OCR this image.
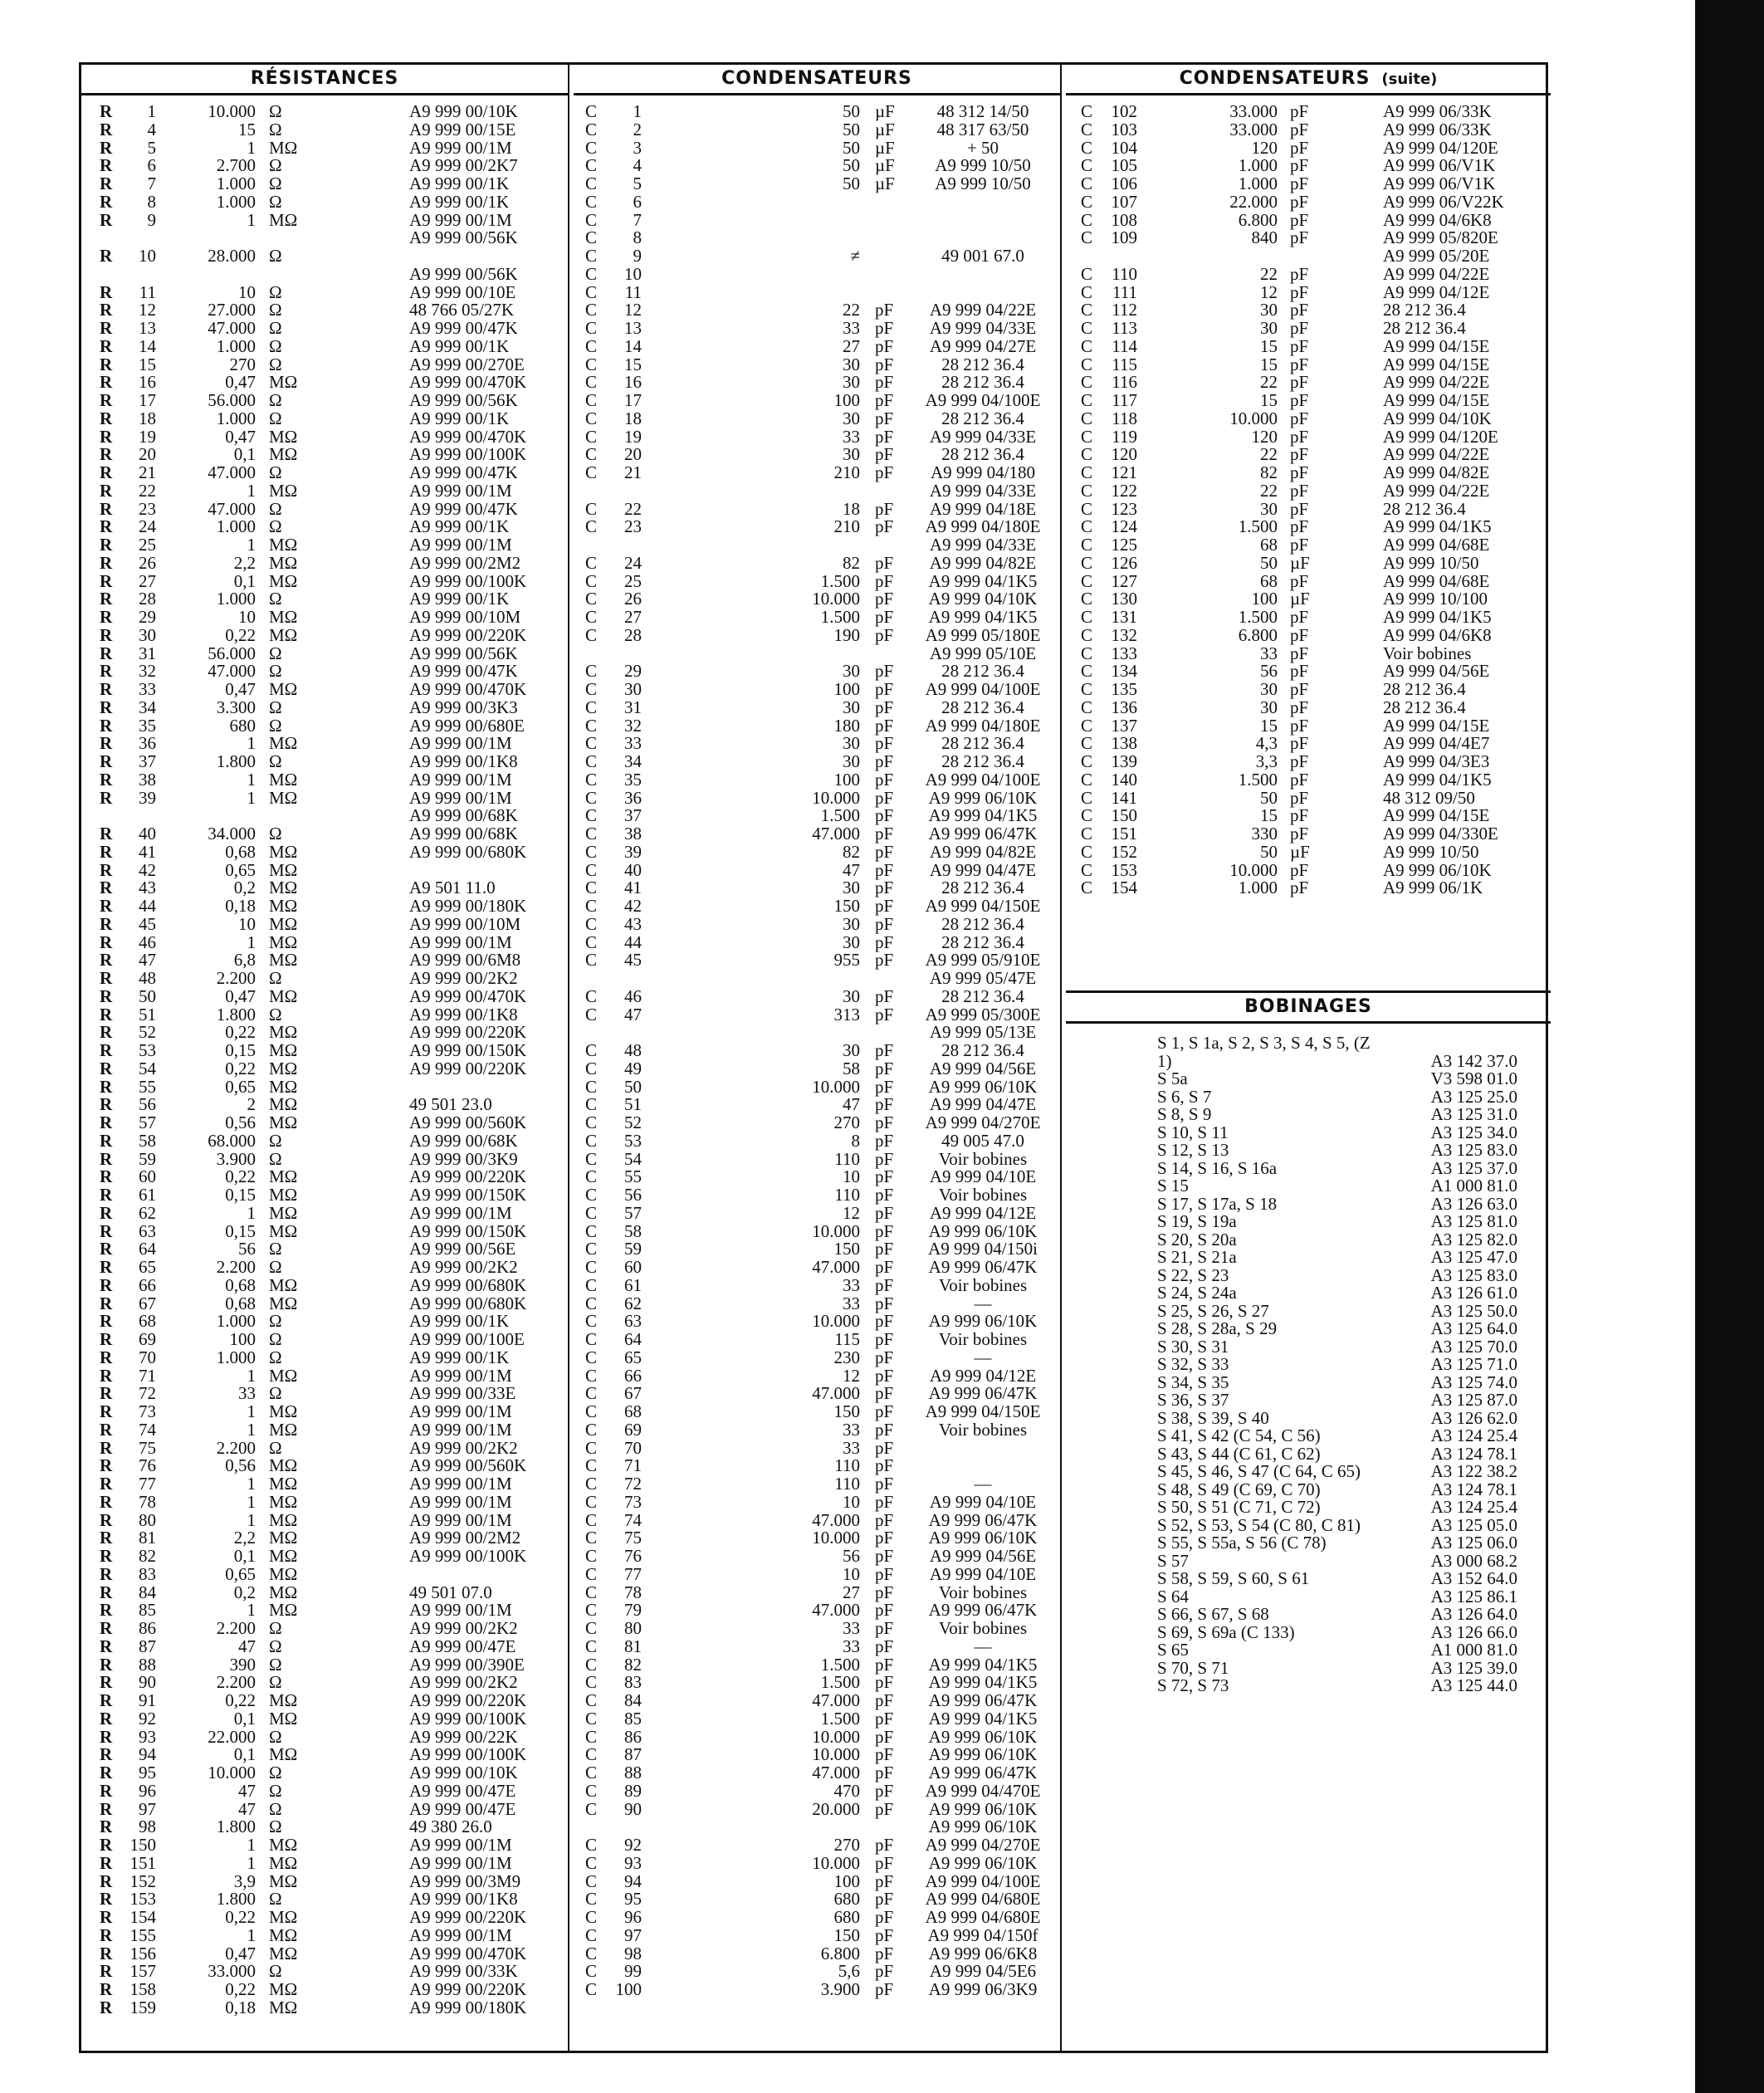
RÉSISTANCES
R	1	10.000 Ω	A9 999 00/10K
R	4	15 Ω	A9 999 00/15E
R	5	1 MΩ	A9 999 00/1M
R	6	2.700 Ω	A9 999 00/2K7
R	7	1.000 Ω	A9 999 00/1K
R	8	1.000 Ω	A9 999 00/1K
R	9	1 MΩ	A9 999 00/1M
A9 999 00/56K
R	10	28.000 Ω
A9 999 00/56K
R	11	10 Ω	A9 999 00/10E
R	12	27.000 Ω	48 766 05/27K
R	13	47.000 Ω	A9 999 00/47K
R	14	1.000 Ω	A9 999 00/1K
R	15	270 Ω	A9 999 00/270E
R	16	0,47 MΩ	A9 999 00/470K
R	17	56.000 Ω	A9 999 00/56K
R	18	1.000 Ω	A9 999 00/1K
R	19	0,47 MΩ	A9 999 00/470K
R	20	0,1 MΩ	A9 999 00/100K
R	21	47.000 Ω	A9 999 00/47K
R	22	1 MΩ	A9 999 00/1M
R	23	47.000 Ω	A9 999 00/47K
R	24	1.000 Ω	A9 999 00/1K
R	25	1 MΩ	A9 999 00/1M
R	26	2,2 MΩ	A9 999 00/2M2
R	27	0,1 MΩ	A9 999 00/100K
R	28	1.000 Ω	A9 999 00/1K
R	29	10 MΩ	A9 999 00/10M
R	30	0,22 MΩ	A9 999 00/220K
R	31	56.000 Ω	A9 999 00/56K
R	32	47.000 Ω	A9 999 00/47K
R	33	0,47 MΩ	A9 999 00/470K
R	34	3.300 Ω	A9 999 00/3K3
R	35	680 Ω	A9 999 00/680E
R	36	1 MΩ	A9 999 00/1M
R	37	1.800 Ω	A9 999 00/1K8
R	38	1 MΩ	A9 999 00/1M
R	39	1 MΩ	A9 999 00/1M
A9 999 00/68K
R	40	34.000 Ω	A9 999 00/68K
R	41	0,68 MΩ	A9 999 00/680K
R	42	0,65 MΩ
R	43	0,2 MΩ	A9 501 11.0
R	44	0,18 MΩ	A9 999 00/180K
R	45	10 MΩ	A9 999 00/10M
R	46	1 MΩ	A9 999 00/1M
R	47	6,8 MΩ	A9 999 00/6M8
R	48	2.200 Ω	A9 999 00/2K2
R	50	0,47 MΩ	A9 999 00/470K
R	51	1.800 Ω	A9 999 00/1K8
R	52	0,22 MΩ	A9 999 00/220K
R	53	0,15 MΩ	A9 999 00/150K
R	54	0,22 MΩ	A9 999 00/220K
R	55	0,65 MΩ
R	56	2 MΩ	49 501 23.0
R	57	0,56 MΩ	A9 999 00/560K
R	58	68.000 Ω	A9 999 00/68K
R	59	3.900 Ω	A9 999 00/3K9
R	60	0,22 MΩ	A9 999 00/220K
R	61	0,15 MΩ	A9 999 00/150K
R	62	1 MΩ	A9 999 00/1M
R	63	0,15 MΩ	A9 999 00/150K
R	64	56 Ω	A9 999 00/56E
R	65	2.200 Ω	A9 999 00/2K2
R	66	0,68 MΩ	A9 999 00/680K
R	67	0,68 MΩ	A9 999 00/680K
R	68	1.000 Ω	A9 999 00/1K
R	69	100 Ω	A9 999 00/100E
R	70	1.000 Ω	A9 999 00/1K
R	71	1 MΩ	A9 999 00/1M
R	72	33 Ω	A9 999 00/33E
R	73	1 MΩ	A9 999 00/1M
R	74	1 MΩ	A9 999 00/1M
R	75	2.200 Ω	A9 999 00/2K2
R	76	0,56 MΩ	A9 999 00/560K
R	77	1 MΩ	A9 999 00/1M
R	78	1 MΩ	A9 999 00/1M
R	80	1 MΩ	A9 999 00/1M
R	81	2,2 MΩ	A9 999 00/2M2
R	82	0,1 MΩ	A9 999 00/100K
R	83	0,65 MΩ
R	84	0,2 MΩ	49 501 07.0
R	85	1 MΩ	A9 999 00/1M
R	86	2.200 Ω	A9 999 00/2K2
R	87	47 Ω	A9 999 00/47E
R	88	390 Ω	A9 999 00/390E
R	90	2.200 Ω	A9 999 00/2K2
R	91	0,22 MΩ	A9 999 00/220K
R	92	0,1 MΩ	A9 999 00/100K
R	93	22.000 Ω	A9 999 00/22K
R	94	0,1 MΩ	A9 999 00/100K
R	95	10.000 Ω	A9 999 00/10K
R	96	47 Ω	A9 999 00/47E
R	97	47 Ω	A9 999 00/47E
R	98	1.800 Ω	49 380 26.0
R	150	1 MΩ	A9 999 00/1M
R	151	1 MΩ	A9 999 00/1M
R	152	3,9 MΩ	A9 999 00/3M9
R	153	1.800 Ω	A9 999 00/1K8
R	154	0,22 MΩ	A9 999 00/220K
R	155	1 MΩ	A9 999 00/1M
R	156	0,47 MΩ	A9 999 00/470K
R	157	33.000 Ω	A9 999 00/33K
R	158	0,22 MΩ	A9 999 00/220K
R	159	0,18 MΩ	A9 999 00/180K
CONDENSATEURS
C	1	50 µF	48 312 14/50
C	2	50 µF	48 317 63/50
C	3	50 µF	+ 50
C	4	50 µF	A9 999 10/50
C	5	50 µF	A9 999 10/50
C	6
C	7
C	8
C	9	≠	49 001 67.0
C	10
C	11
C	12	22 pF	A9 999 04/22E
C	13	33 pF	A9 999 04/33E
C	14	27 pF	A9 999 04/27E
C	15	30 pF	28 212 36.4
C	16	30 pF	28 212 36.4
C	17	100 pF	A9 999 04/100E
C	18	30 pF	28 212 36.4
C	19	33 pF	A9 999 04/33E
C	20	30 pF	28 212 36.4
C	21	210 pF	A9 999 04/180
A9 999 04/33E
C	22	18 pF	A9 999 04/18E
C	23	210 pF	A9 999 04/180E
A9 999 04/33E
C	24	82 pF	A9 999 04/82E
C	25	1.500 pF	A9 999 04/1K5
C	26	10.000 pF	A9 999 04/10K
C	27	1.500 pF	A9 999 04/1K5
C	28	190 pF	A9 999 05/180E
A9 999 05/10E
C	29	30 pF	28 212 36.4
C	30	100 pF	A9 999 04/100E
C	31	30 pF	28 212 36.4
C	32	180 pF	A9 999 04/180E
C	33	30 pF	28 212 36.4
C	34	30 pF	28 212 36.4
C	35	100 pF	A9 999 04/100E
C	36	10.000 pF	A9 999 06/10K
C	37	1.500 pF	A9 999 04/1K5
C	38	47.000 pF	A9 999 06/47K
C	39	82 pF	A9 999 04/82E
C	40	47 pF	A9 999 04/47E
C	41	30 pF	28 212 36.4
C	42	150 pF	A9 999 04/150E
C	43	30 pF	28 212 36.4
C	44	30 pF	28 212 36.4
C	45	955 pF	A9 999 05/910E
A9 999 05/47E
C	46	30 pF	28 212 36.4
C	47	313 pF	A9 999 05/300E
A9 999 05/13E
C	48	30 pF	28 212 36.4
C	49	58 pF	A9 999 04/56E
C	50	10.000 pF	A9 999 06/10K
C	51	47 pF	A9 999 04/47E
C	52	270 pF	A9 999 04/270E
C	53	8 pF	49 005 47.0
C	54	110 pF	Voir bobines
C	55	10 pF	A9 999 04/10E
C	56	110 pF	Voir bobines
C	57	12 pF	A9 999 04/12E
C	58	10.000 pF	A9 999 06/10K
C	59	150 pF	A9 999 04/150i
C	60	47.000 pF	A9 999 06/47K
C	61	33 pF	Voir bobines
C	62	33 pF	—
C	63	10.000 pF	A9 999 06/10K
C	64	115 pF	Voir bobines
C	65	230 pF	—
C	66	12 pF	A9 999 04/12E
C	67	47.000 pF	A9 999 06/47K
C	68	150 pF	A9 999 04/150E
C	69	33 pF	Voir bobines
C	70	33 pF
C	71	110 pF
C	72	110 pF	—
C	73	10 pF	A9 999 04/10E
C	74	47.000 pF	A9 999 06/47K
C	75	10.000 pF	A9 999 06/10K
C	76	56 pF	A9 999 04/56E
C	77	10 pF	A9 999 04/10E
C	78	27 pF	Voir bobines
C	79	47.000 pF	A9 999 06/47K
C	80	33 pF	Voir bobines
C	81	33 pF	—
C	82	1.500 pF	A9 999 04/1K5
C	83	1.500 pF	A9 999 04/1K5
C	84	47.000 pF	A9 999 06/47K
C	85	1.500 pF	A9 999 04/1K5
C	86	10.000 pF	A9 999 06/10K
C	87	10.000 pF	A9 999 06/10K
C	88	47.000 pF	A9 999 06/47K
C	89	470 pF	A9 999 04/470E
C	90	20.000 pF	A9 999 06/10K
A9 999 06/10K
C	92	270 pF	A9 999 04/270E
C	93	10.000 pF	A9 999 06/10K
C	94	100 pF	A9 999 04/100E
C	95	680 pF	A9 999 04/680E
C	96	680 pF	A9 999 04/680E
C	97	150 pF	A9 999 04/150f
C	98	6.800 pF	A9 999 06/6K8
C	99	5,6 pF	A9 999 04/5E6
C	100	3.900 pF	A9 999 06/3K9
CONDENSATEURS (suite)
C	102	33.000 pF	A9 999 06/33K
C	103	33.000 pF	A9 999 06/33K
C	104	120 pF	A9 999 04/120E
C	105	1.000 pF	A9 999 06/V1K
C	106	1.000 pF	A9 999 06/V1K
C	107	22.000 pF	A9 999 06/V22K
C	108	6.800 pF	A9 999 04/6K8
C	109	840 pF	A9 999 05/820E
A9 999 05/20E
C	110	22 pF	A9 999 04/22E
C	111	12 pF	A9 999 04/12E
C	112	30 pF	28 212 36.4
C	113	30 pF	28 212 36.4
C	114	15 pF	A9 999 04/15E
C	115	15 pF	A9 999 04/15E
C	116	22 pF	A9 999 04/22E
C	117	15 pF	A9 999 04/15E
C	118	10.000 pF	A9 999 04/10K
C	119	120 pF	A9 999 04/120E
C	120	22 pF	A9 999 04/22E
C	121	82 pF	A9 999 04/82E
C	122	22 pF	A9 999 04/22E
C	123	30 pF	28 212 36.4
C	124	1.500 pF	A9 999 04/1K5
C	125	68 pF	A9 999 04/68E
C	126	50 µF	A9 999 10/50
C	127	68 pF	A9 999 04/68E
C	130	100 µF	A9 999 10/100
C	131	1.500 pF	A9 999 04/1K5
C	132	6.800 pF	A9 999 04/6K8
C	133	33 pF	Voir bobines
C	134	56 pF	A9 999 04/56E
C	135	30 pF	28 212 36.4
C	136	30 pF	28 212 36.4
C	137	15 pF	A9 999 04/15E
C	138	4,3 pF	A9 999 04/4E7
C	139	3,3 pF	A9 999 04/3E3
C	140	1.500 pF	A9 999 04/1K5
C	141	50 pF	48 312 09/50
C	150	15 pF	A9 999 04/15E
C	151	330 pF	A9 999 04/330E
C	152	50 µF	A9 999 10/50
C	153	10.000 pF	A9 999 06/10K
C	154	1.000 pF	A9 999 06/1K
BOBINAGES
S 1, S 1a, S 2, S 3, S 4, S 5, (Z 1)	A3 142 37.0
S 5a	V3 598 01.0
S 6, S 7	A3 125 25.0
S 8, S 9	A3 125 31.0
S 10, S 11	A3 125 34.0
S 12, S 13	A3 125 83.0
S 14, S 16, S 16a	A3 125 37.0
S 15	A1 000 81.0
S 17, S 17a, S 18	A3 126 63.0
S 19, S 19a	A3 125 81.0
S 20, S 20a	A3 125 82.0
S 21, S 21a	A3 125 47.0
S 22, S 23	A3 125 83.0
S 24, S 24a	A3 126 61.0
S 25, S 26, S 27	A3 125 50.0
S 28, S 28a, S 29	A3 125 64.0
S 30, S 31	A3 125 70.0
S 32, S 33	A3 125 71.0
S 34, S 35	A3 125 74.0
S 36, S 37	A3 125 87.0
S 38, S 39, S 40	A3 126 62.0
S 41, S 42 (C 54, C 56)	A3 124 25.4
S 43, S 44 (C 61, C 62)	A3 124 78.1
S 45, S 46, S 47 (C 64, C 65)	A3 122 38.2
S 48, S 49 (C 69, C 70)	A3 124 78.1
S 50, S 51 (C 71, C 72)	A3 124 25.4
S 52, S 53, S 54 (C 80, C 81)	A3 125 05.0
S 55, S 55a, S 56 (C 78)	A3 125 06.0
S 57	A3 000 68.2
S 58, S 59, S 60, S 61	A3 152 64.0
S 64	A3 125 86.1
S 66, S 67, S 68	A3 126 64.0
S 69, S 69a (C 133)	A3 126 66.0
S 65	A1 000 81.0
S 70, S 71	A3 125 39.0
S 72, S 73	A3 125 44.0
